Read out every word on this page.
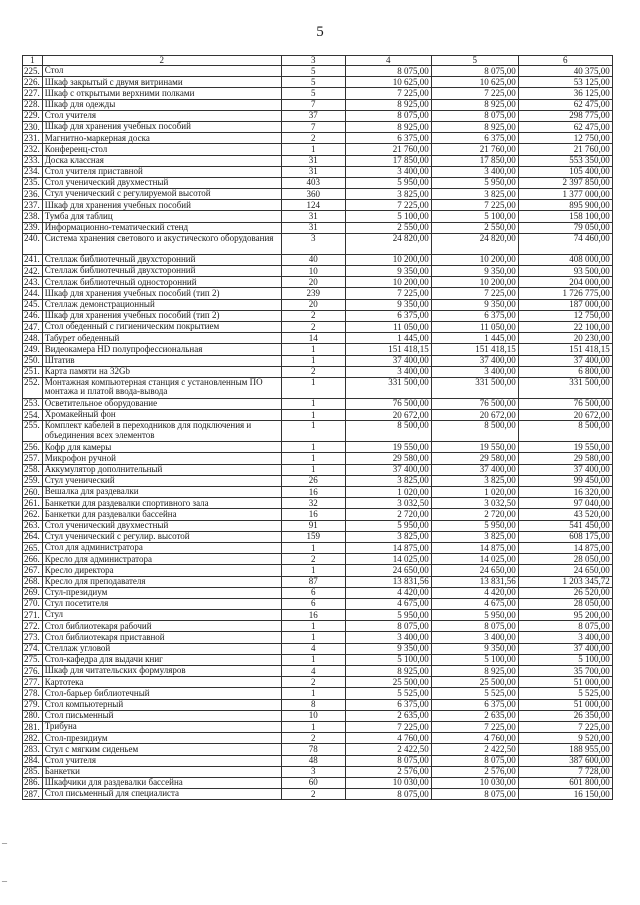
5
1	2	3	4	5	6
225.	Стол	5	8 075,00	8 075,00	40 375,00
226.	Шкаф закрытый с двумя витринами	5	10 625,00	10 625,00	53 125,00
227.	Шкаф с открытыми верхними полками	5	7 225,00	7 225,00	36 125,00
228.	Шкаф для одежды	7	8 925,00	8 925,00	62 475,00
229.	Стол учителя	37	8 075,00	8 075,00	298 775,00
230.	Шкаф для хранения учебных пособий	7	8 925,00	8 925,00	62 475,00
231.	Магнитно-маркерная доска	2	6 375,00	6 375,00	12 750,00
232.	Конференц-стол	1	21 760,00	21 760,00	21 760,00
233.	Доска классная	31	17 850,00	17 850,00	553 350,00
234.	Стол учителя приставной	31	3 400,00	3 400,00	105 400,00
235.	Стол ученический двухместный	403	5 950,00	5 950,00	2 397 850,00
236.	Стул ученический с регулируемой высотой	360	3 825,00	3 825,00	1 377 000,00
237.	Шкаф для хранения учебных пособий	124	7 225,00	7 225,00	895 900,00
238.	Тумба для таблиц	31	5 100,00	5 100,00	158 100,00
239.	Информационно-тематический стенд	31	2 550,00	2 550,00	79 050,00
240.	Система хранения светового и акустического оборудования	3	24 820,00	24 820,00	74 460,00
241.	Стеллаж библиотечный двухсторонний	40	10 200,00	10 200,00	408 000,00
242.	Стеллаж библиотечный двухсторонний	10	9 350,00	9 350,00	93 500,00
243.	Стеллаж библиотечный односторонний	20	10 200,00	10 200,00	204 000,00
244.	Шкаф для хранения учебных пособий (тип 2)	239	7 225,00	7 225,00	1 726 775,00
245.	Стеллаж демонстрационный	20	9 350,00	9 350,00	187 000,00
246.	Шкаф для хранения учебных пособий (тип 2)	2	6 375,00	6 375,00	12 750,00
247.	Стол обеденный с гигиеническим покрытием	2	11 050,00	11 050,00	22 100,00
248.	Табурет обеденный	14	1 445,00	1 445,00	20 230,00
249.	Видеокамера HD полупрофессиональная	1	151 418,15	151 418,15	151 418,15
250.	Штатив	1	37 400,00	37 400,00	37 400,00
251.	Карта памяти на 32Gb	2	3 400,00	3 400,00	6 800,00
252.	Монтажная компьютерная станция с установленным ПО монтажа и платой ввода-вывода	1	331 500,00	331 500,00	331 500,00
253.	Осветительное оборудование	1	76 500,00	76 500,00	76 500,00
254.	Хромакейный фон	1	20 672,00	20 672,00	20 672,00
255.	Комплект кабелей в переходников для подключения и объединения всех элементов	1	8 500,00	8 500,00	8 500,00
256.	Кофр для камеры	1	19 550,00	19 550,00	19 550,00
257.	Микрофон ручной	1	29 580,00	29 580,00	29 580,00
258.	Аккумулятор дополнительный	1	37 400,00	37 400,00	37 400,00
259.	Стул ученический	26	3 825,00	3 825,00	99 450,00
260.	Вешалка для раздевалки	16	1 020,00	1 020,00	16 320,00
261.	Банкетки для раздевалки спортивного зала	32	3 032,50	3 032,50	97 040,00
262.	Банкетки для раздевалки бассейна	16	2 720,00	2 720,00	43 520,00
263.	Стол ученический двухместный	91	5 950,00	5 950,00	541 450,00
264.	Стул ученический с регулир. высотой	159	3 825,00	3 825,00	608 175,00
265.	Стол для администратора	1	14 875,00	14 875,00	14 875,00
266.	Кресло для администратора	2	14 025,00	14 025,00	28 050,00
267.	Кресло директора	1	24 650,00	24 650,00	24 650,00
268.	Кресло для преподавателя	87	13 831,56	13 831,56	1 203 345,72
269.	Стул-президиум	6	4 420,00	4 420,00	26 520,00
270.	Стул посетителя	6	4 675,00	4 675,00	28 050,00
271.	Стул	16	5 950,00	5 950,00	95 200,00
272.	Стол библиотекаря рабочий	1	8 075,00	8 075,00	8 075,00
273.	Стол библиотекаря приставной	1	3 400,00	3 400,00	3 400,00
274.	Стеллаж угловой	4	9 350,00	9 350,00	37 400,00
275.	Стол-кафедра для выдачи книг	1	5 100,00	5 100,00	5 100,00
276.	Шкаф для читательских формуляров	4	8 925,00	8 925,00	35 700,00
277.	Картотека	2	25 500,00	25 500,00	51 000,00
278.	Стол-барьер библиотечный	1	5 525,00	5 525,00	5 525,00
279.	Стол компьютерный	8	6 375,00	6 375,00	51 000,00
280.	Стол письменный	10	2 635,00	2 635,00	26 350,00
281.	Трибуна	1	7 225,00	7 225,00	7 225,00
282.	Стол-президиум	2	4 760,00	4 760,00	9 520,00
283.	Стул с мягким сиденьем	78	2 422,50	2 422,50	188 955,00
284.	Стол учителя	48	8 075,00	8 075,00	387 600,00
285.	Банкетки	3	2 576,00	2 576,00	7 728,00
286.	Шкафчики для раздевалки бассейна	60	10 030,00	10 030,00	601 800,00
287.	Стол письменный для специалиста	2	8 075,00	8 075,00	16 150,00
–
–
